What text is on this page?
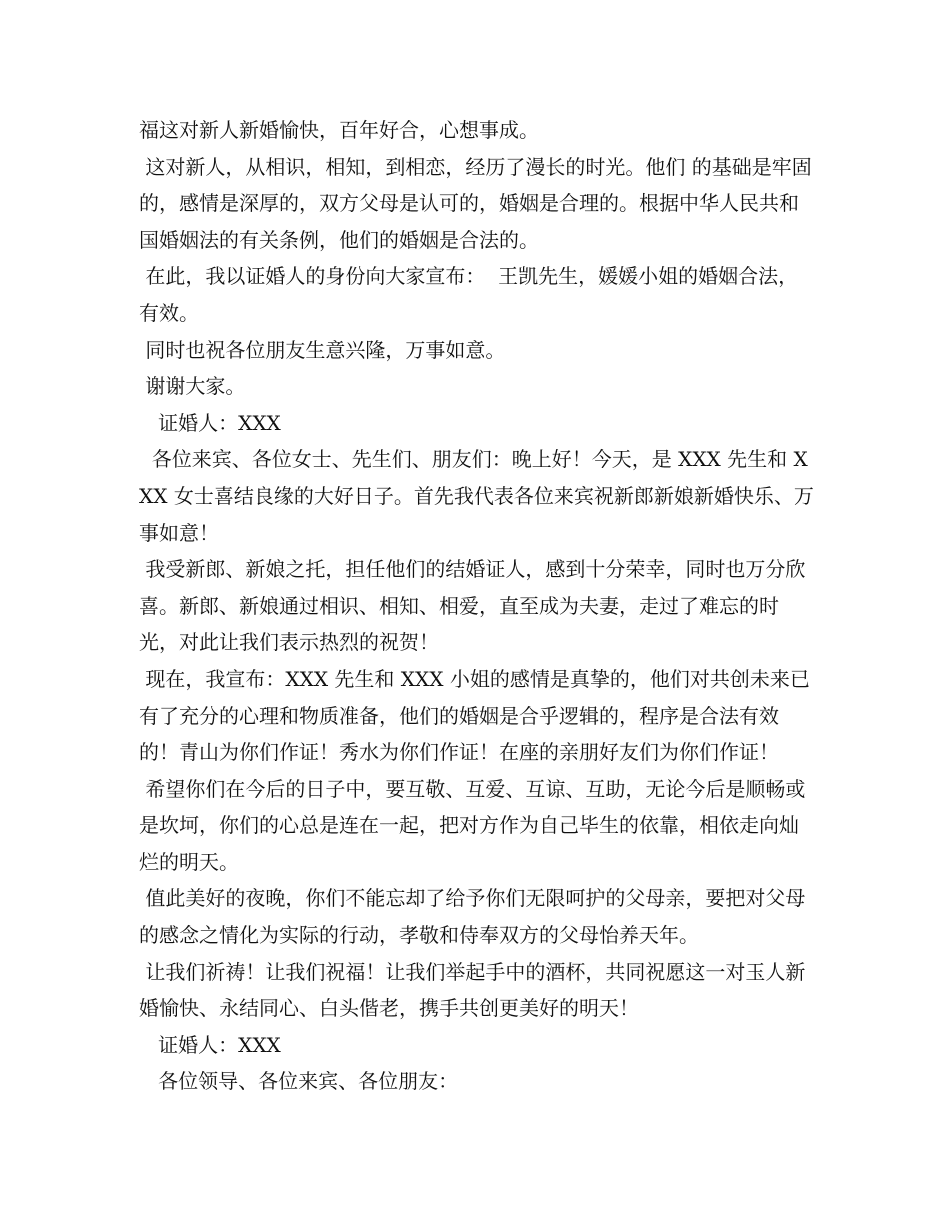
福这对新人新婚愉快，百年好合，心想事成。

这对新人，从相识，相知，到相恋，经历了漫长的时光。他们 的基础是牢固的，感情是深厚的，双方父母是认可的，婚姻是合理的。根据中华人民共和国婚姻法的有关条例，他们的婚姻是合法的。

在此，我以证婚人的身份向大家宣布：  王凯先生，媛媛小姐的婚姻合法，有效。

同时也祝各位朋友生意兴隆，万事如意。

谢谢大家。

证婚人：XXX

各位来宾、各位女士、先生们、朋友们：晚上好！今天，是 XXX 先生和 XXX 女士喜结良缘的大好日子。首先我代表各位来宾祝新郎新娘新婚快乐、万事如意！

我受新郎、新娘之托，担任他们的结婚证人，感到十分荣幸，同时也万分欣喜。新郎、新娘通过相识、相知、相爱，直至成为夫妻，走过了难忘的时光，对此让我们表示热烈的祝贺！

现在，我宣布：XXX 先生和 XXX 小姐的感情是真挚的，他们对共创未来已有了充分的心理和物质准备，他们的婚姻是合乎逻辑的，程序是合法有效的！青山为你们作证！秀水为你们作证！在座的亲朋好友们为你们作证！

希望你们在今后的日子中，要互敬、互爱、互谅、互助，无论今后是顺畅或是坎坷，你们的心总是连在一起，把对方作为自己毕生的依靠，相依走向灿烂的明天。

值此美好的夜晚，你们不能忘却了给予你们无限呵护的父母亲，要把对父母的感念之情化为实际的行动，孝敬和侍奉双方的父母怡养天年。

让我们祈祷！让我们祝福！让我们举起手中的酒杯，共同祝愿这一对玉人新婚愉快、永结同心、白头偕老，携手共创更美好的明天！

证婚人：XXX

各位领导、各位来宾、各位朋友：
